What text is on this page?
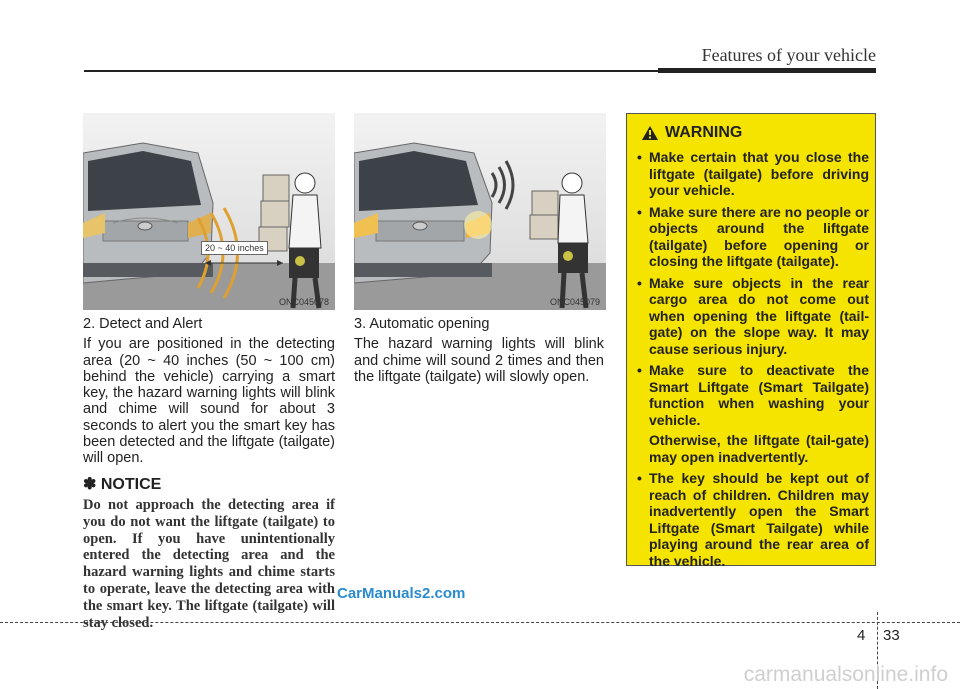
Features of your vehicle
20 ~ 40 inches
ONC045078	ONC045079

2. Detect and Alert

If you are positioned in the detecting area (20 ~ 40 inches (50 ~ 100 cm) behind the vehicle) carrying a smart key, the hazard warning lights will blink and chime will sound for about 3 seconds to alert you the smart key has been detected and the liftgate (tailgate) will open.

✽ NOTICE
Do not approach the detecting area if you do not want the liftgate (tailgate) to open. If you have unintentionally entered the detecting area and the hazard warning lights and chime starts to operate, leave the detecting area with the smart key. The liftgate (tailgate) will stay closed.

3. Automatic opening

The hazard warning lights will blink and chime will sound 2 times and then the liftgate (tailgate) will slowly open.

CarManuals2.com
WARNING
• Make certain that you close the liftgate (tailgate) before driving your vehicle.
• Make sure there are no people or objects around the liftgate (tailgate) before opening or closing the liftgate (tailgate).
• Make sure objects in the rear cargo area do not come out when opening the liftgate (tail-gate) on the slope way. It may cause serious injury.
• Make sure to deactivate the Smart Liftgate (Smart Tailgate) function when washing your vehicle.
Otherwise, the liftgate (tail-gate) may open inadvertently.
• The key should be kept out of reach of children. Children may inadvertently open the Smart Liftgate (Smart Tailgate) while playing around the rear area of the vehicle.
4 33
carmanualsonline.info
